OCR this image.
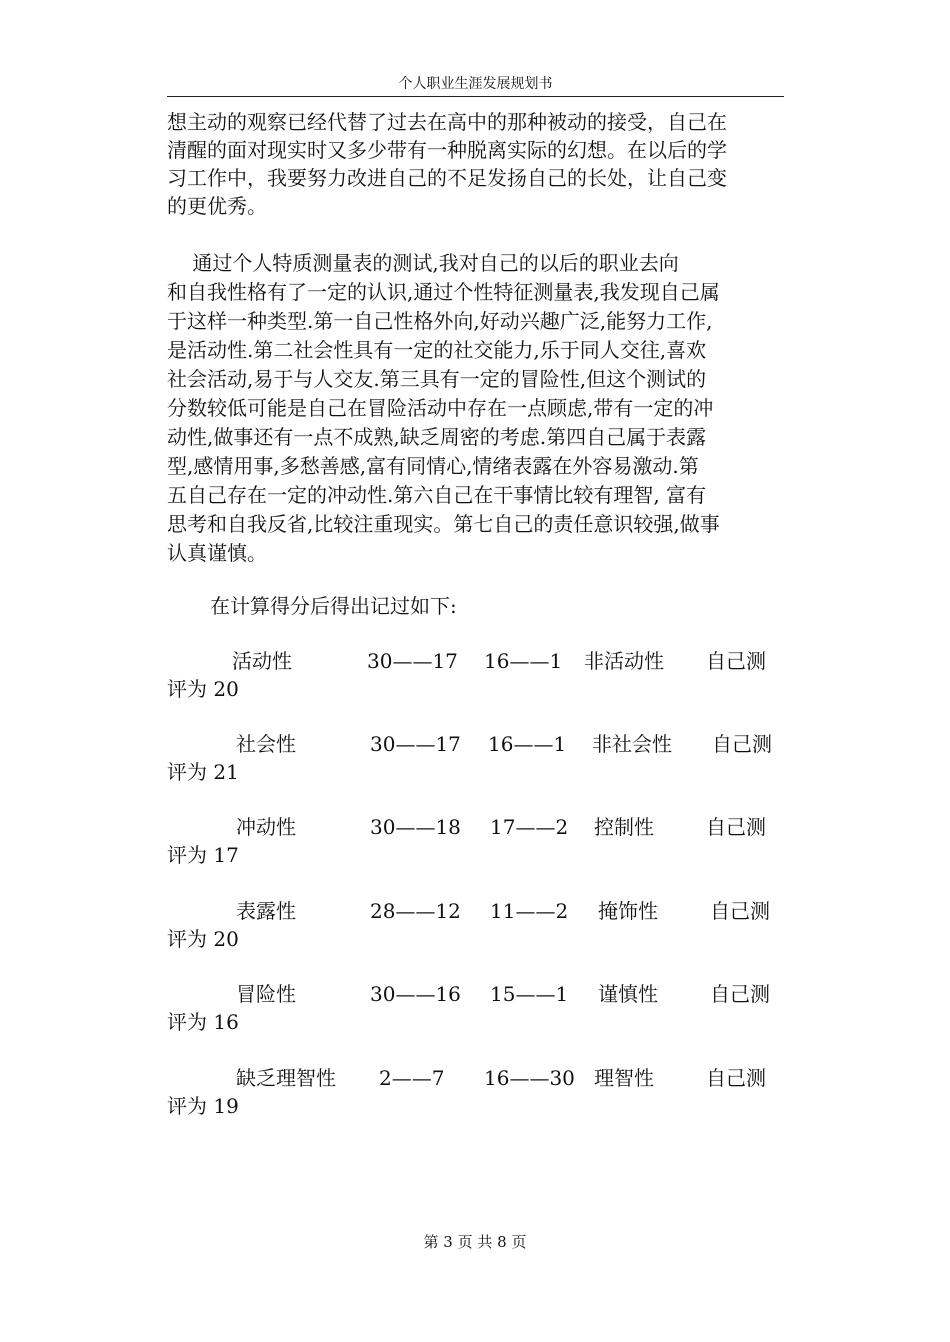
个人职业生涯发展规划书
想主动的观察已经代替了过去在高中的那种被动的接受，自己在
清醒的面对现实时又多少带有一种脱离实际的幻想。在以后的学
习工作中，我要努力改进自己的不足发扬自己的长处，让自己变
的更优秀。
通过个人特质测量表的测试,我对自己的以后的职业去向
和自我性格有了一定的认识,通过个性特征测量表,我发现自己属
于这样一种类型.第一自己性格外向,好动兴趣广泛,能努力工作,
是活动性.第二社会性具有一定的社交能力,乐于同人交往,喜欢
社会活动,易于与人交友.第三具有一定的冒险性,但这个测试的
分数较低可能是自己在冒险活动中存在一点顾虑,带有一定的冲
动性,做事还有一点不成熟,缺乏周密的考虑.第四自己属于表露
型,感情用事,多愁善感,富有同情心,情绪表露在外容易激动.第
五自己存在一定的冲动性.第六自己在干事情比较有理智, 富有
思考和自我反省,比较注重现实。第七自己的责任意识较强,做事
认真谨慎。
在计算得分后得出记过如下:
活动性	30——17 16——1 非活动性 自己测
评为 20
社会性	30——17 16——1 非社会性 自己测
评为 21
冲动性	30——18 17——2 控制性	自己测
评为 17
表露性	28——12 11——2 掩饰性	自己测
评为 20
冒险性	30——16 15——1 谨慎性	自己测
评为 16
缺乏理智性 2——7 16——30 理智性	自己测
评为 19
第 3 页 共 8 页
